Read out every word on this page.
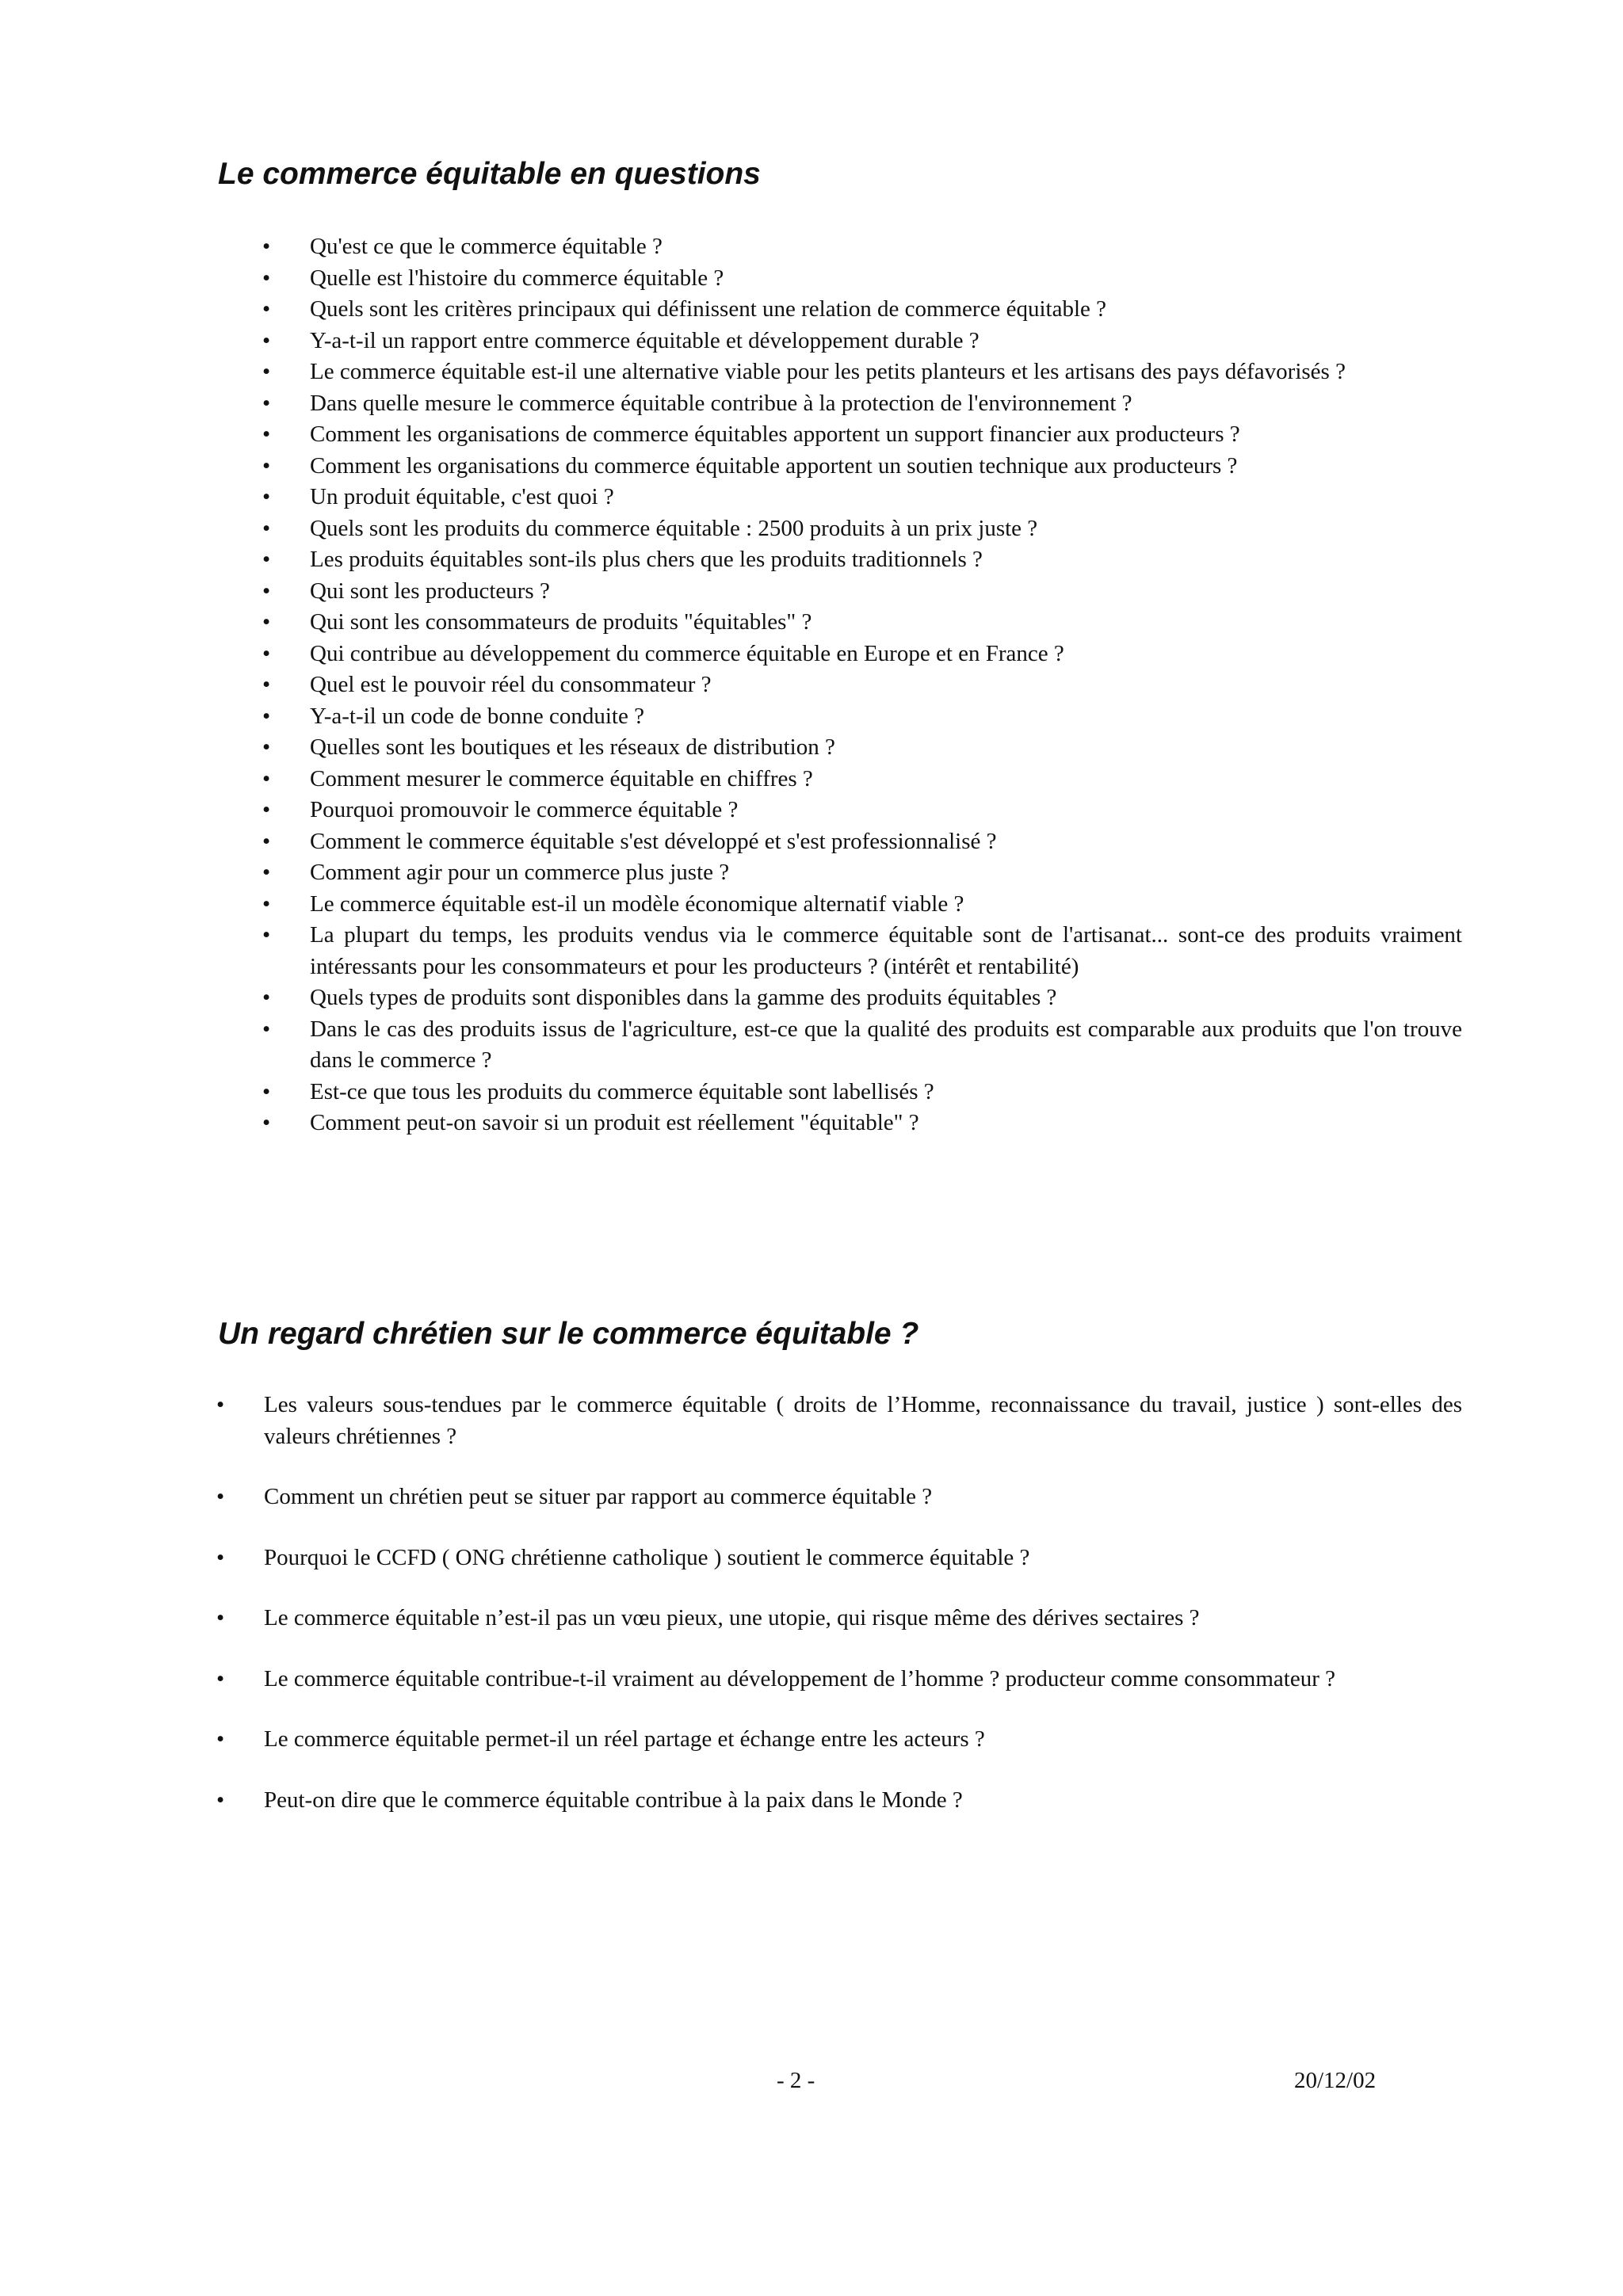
Le commerce équitable en questions
• Qu'est ce que le commerce équitable ?
• Quelle est l'histoire du commerce équitable ?
• Quels sont les critères principaux qui définissent une relation de commerce équitable ?
• Y-a-t-il un rapport entre commerce équitable et développement durable ?
• Le commerce équitable est-il une alternative viable pour les petits planteurs et les artisans des pays défavorisés ?
• Dans quelle mesure le commerce équitable contribue à la protection de l'environnement ?
• Comment les organisations de commerce équitables apportent un support financier aux producteurs ?
• Comment les organisations du commerce équitable apportent un soutien technique aux producteurs ?
• Un produit équitable, c'est quoi ?
• Quels sont les produits du commerce équitable : 2500 produits à un prix juste ?
• Les produits équitables sont-ils plus chers que les produits traditionnels ?
• Qui sont les producteurs ?
• Qui sont les consommateurs de produits "équitables" ?
• Qui contribue au développement du commerce équitable en Europe et en France ?
• Quel est le pouvoir réel du consommateur ?
• Y-a-t-il un code de bonne conduite ?
• Quelles sont les boutiques et les réseaux de distribution ?
• Comment mesurer le commerce équitable en chiffres ?
• Pourquoi promouvoir le commerce équitable ?
• Comment le commerce équitable s'est développé et s'est professionnalisé ?
• Comment agir pour un commerce plus juste ?
• Le commerce équitable est-il un modèle économique alternatif viable ?
• La plupart du temps, les produits vendus via le commerce équitable sont de l'artisanat... sont-ce des produits vraiment intéressants pour les consommateurs et pour les producteurs ? (intérêt et rentabilité)
• Quels types de produits sont disponibles dans la gamme des produits équitables ?
• Dans le cas des produits issus de l'agriculture, est-ce que la qualité des produits est comparable aux produits que l'on trouve dans le commerce ?
• Est-ce que tous les produits du commerce équitable sont labellisés ?
• Comment peut-on savoir si un produit est réellement "équitable" ?
Un regard chrétien sur le commerce équitable ?
• Les valeurs sous-tendues par le commerce équitable ( droits de l’Homme, reconnaissance du travail, justice ) sont-elles des valeurs chrétiennes ?
• Comment un chrétien peut se situer par rapport au commerce équitable ?
• Pourquoi le CCFD ( ONG chrétienne catholique ) soutient le commerce équitable ?
• Le commerce équitable n’est-il pas un vœu pieux, une utopie, qui risque même des dérives sectaires ?
• Le commerce équitable contribue-t-il vraiment au développement de l’homme ? producteur comme consommateur ?
• Le commerce équitable permet-il un réel partage et échange entre les acteurs ?
• Peut-on dire que le commerce équitable contribue à la paix dans le Monde ?
- 2 -	20/12/02
